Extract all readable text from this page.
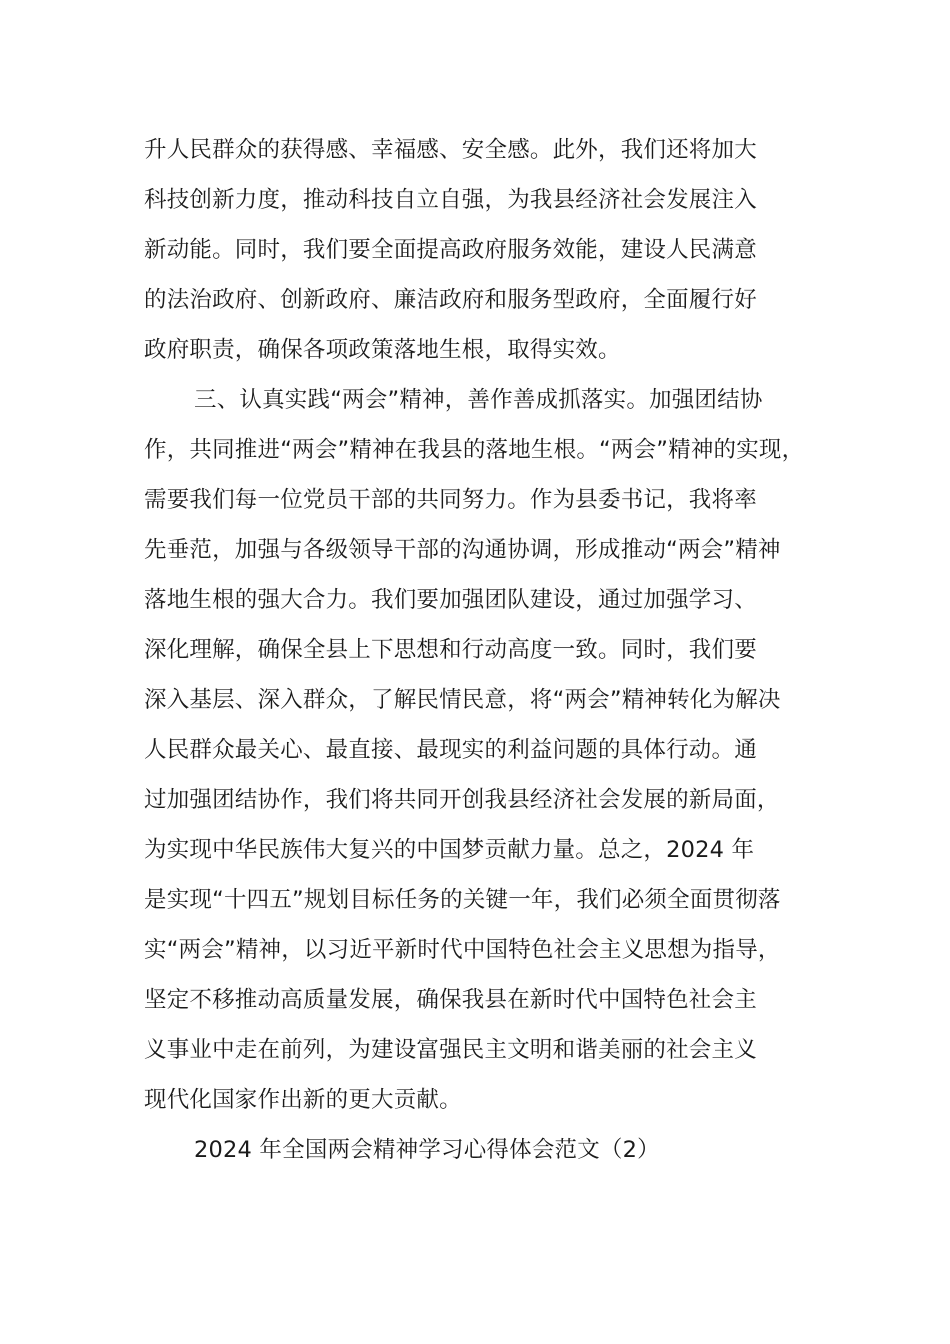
升人民群众的获得感、幸福感、安全感。此外，我们还将加大
科技创新力度，推动科技自立自强，为我县经济社会发展注入
新动能。同时，我们要全面提高政府服务效能，建设人民满意
的法治政府、创新政府、廉洁政府和服务型政府，全面履行好
政府职责，确保各项政策落地生根，取得实效。
三、认真实践“两会”精神，善作善成抓落实。加强团结协
作，共同推进“两会”精神在我县的落地生根。“两会”精神的实现，
需要我们每一位党员干部的共同努力。作为县委书记，我将率
先垂范，加强与各级领导干部的沟通协调，形成推动“两会”精神
落地生根的强大合力。我们要加强团队建设，通过加强学习、
深化理解，确保全县上下思想和行动高度一致。同时，我们要
深入基层、深入群众，了解民情民意，将“两会”精神转化为解决
人民群众最关心、最直接、最现实的利益问题的具体行动。通
过加强团结协作，我们将共同开创我县经济社会发展的新局面，
为实现中华民族伟大复兴的中国梦贡献力量。总之，2024 年
是实现“十四五”规划目标任务的关键一年，我们必须全面贯彻落
实“两会”精神，以习近平新时代中国特色社会主义思想为指导，
坚定不移推动高质量发展，确保我县在新时代中国特色社会主
义事业中走在前列，为建设富强民主文明和谐美丽的社会主义
现代化国家作出新的更大贡献。
2024 年全国两会精神学习心得体会范文（2）
